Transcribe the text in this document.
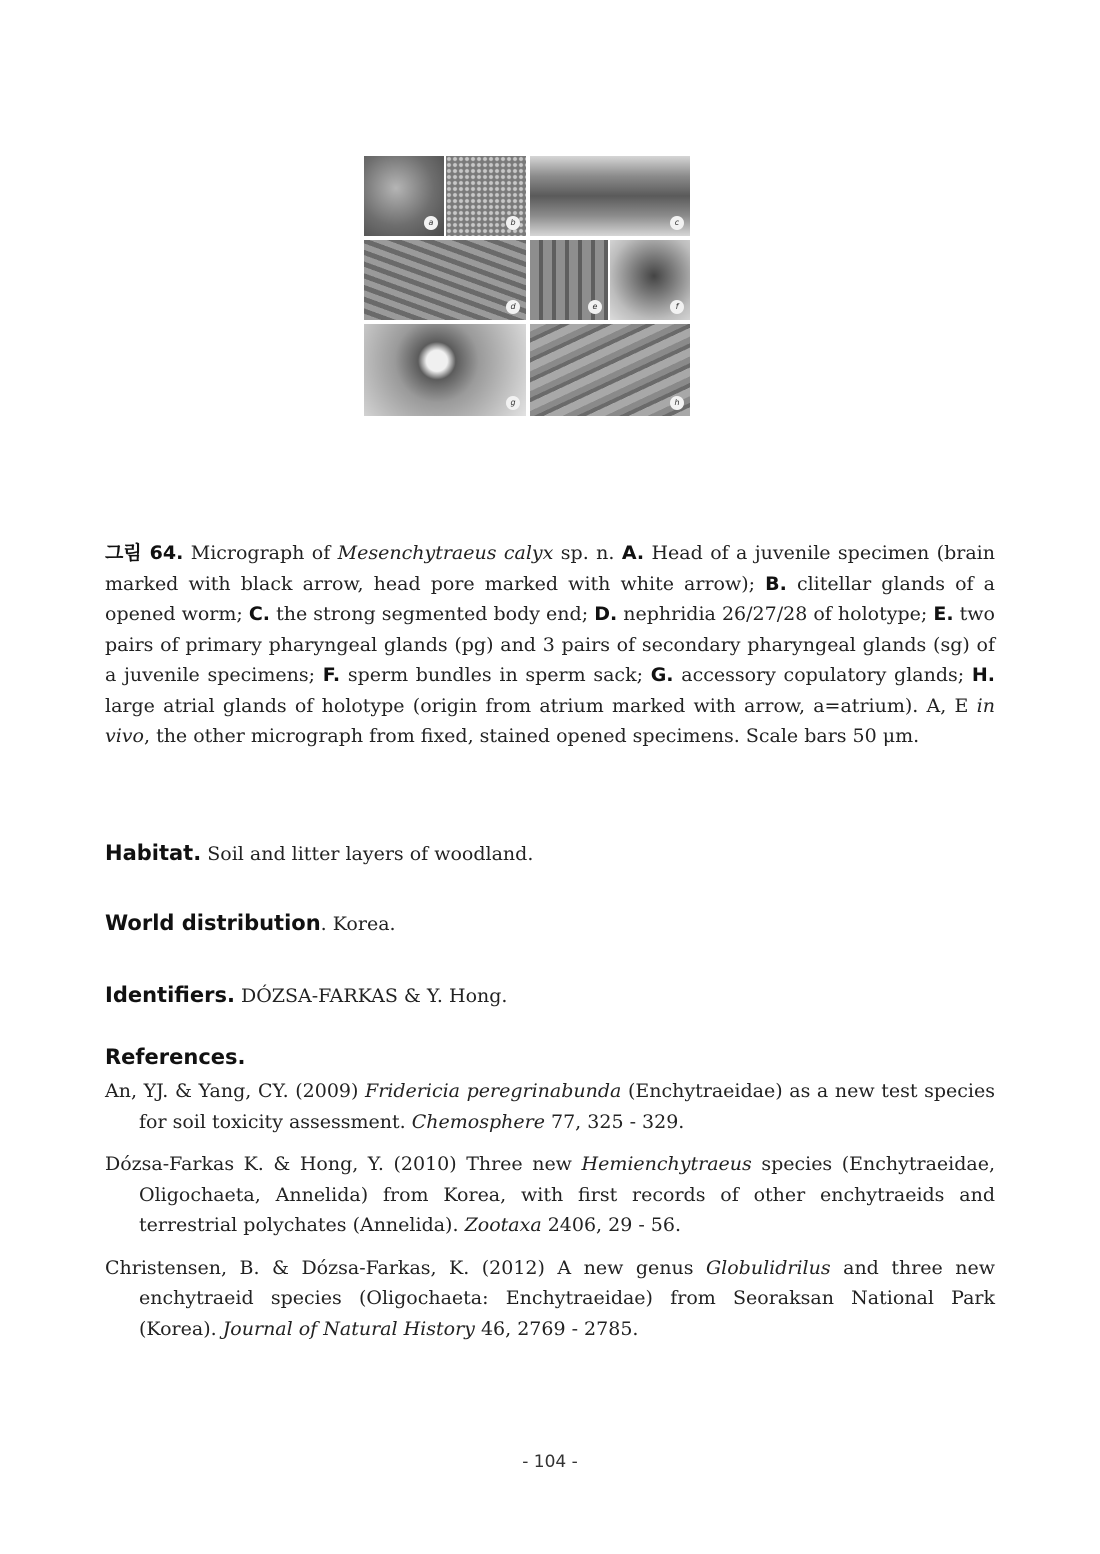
a	b	c
d	e	f
g	h
그림 64. Micrograph of Mesenchytraeus calyx sp. n. A. Head of a juvenile specimen (brain marked with black arrow, head pore marked with white arrow); B. clitellar glands of a opened worm; C. the strong segmented body end; D. nephridia 26/27/28 of holotype; E. two pairs of primary pharyngeal glands (pg) and 3 pairs of secondary pharyngeal glands (sg) of a juvenile specimens; F. sperm bundles in sperm sack; G. accessory copulatory glands; H. large atrial glands of holotype (origin from atrium marked with arrow, a=atrium). A, E in vivo, the other micrograph from fixed, stained opened specimens. Scale bars 50 μm.
Habitat. Soil and litter layers of woodland.
World distribution. Korea.
Identifiers. DÓZSA-FARKAS & Y. Hong.
References.
An, YJ. & Yang, CY. (2009) Fridericia peregrinabunda (Enchytraeidae) as a new test species for soil toxicity assessment. Chemosphere 77, 325 - 329.
Dózsa-Farkas K. & Hong, Y. (2010) Three new Hemienchytraeus species (Enchytraeidae, Oligochaeta, Annelida) from Korea, with first records of other enchytraeids and terrestrial polychates (Annelida). Zootaxa 2406, 29 - 56.
Christensen, B. & Dózsa-Farkas, K. (2012) A new genus Globulidrilus and three new enchytraeid species (Oligochaeta: Enchytraeidae) from Seoraksan National Park (Korea). Journal of Natural History 46, 2769 - 2785.
- 104 -
